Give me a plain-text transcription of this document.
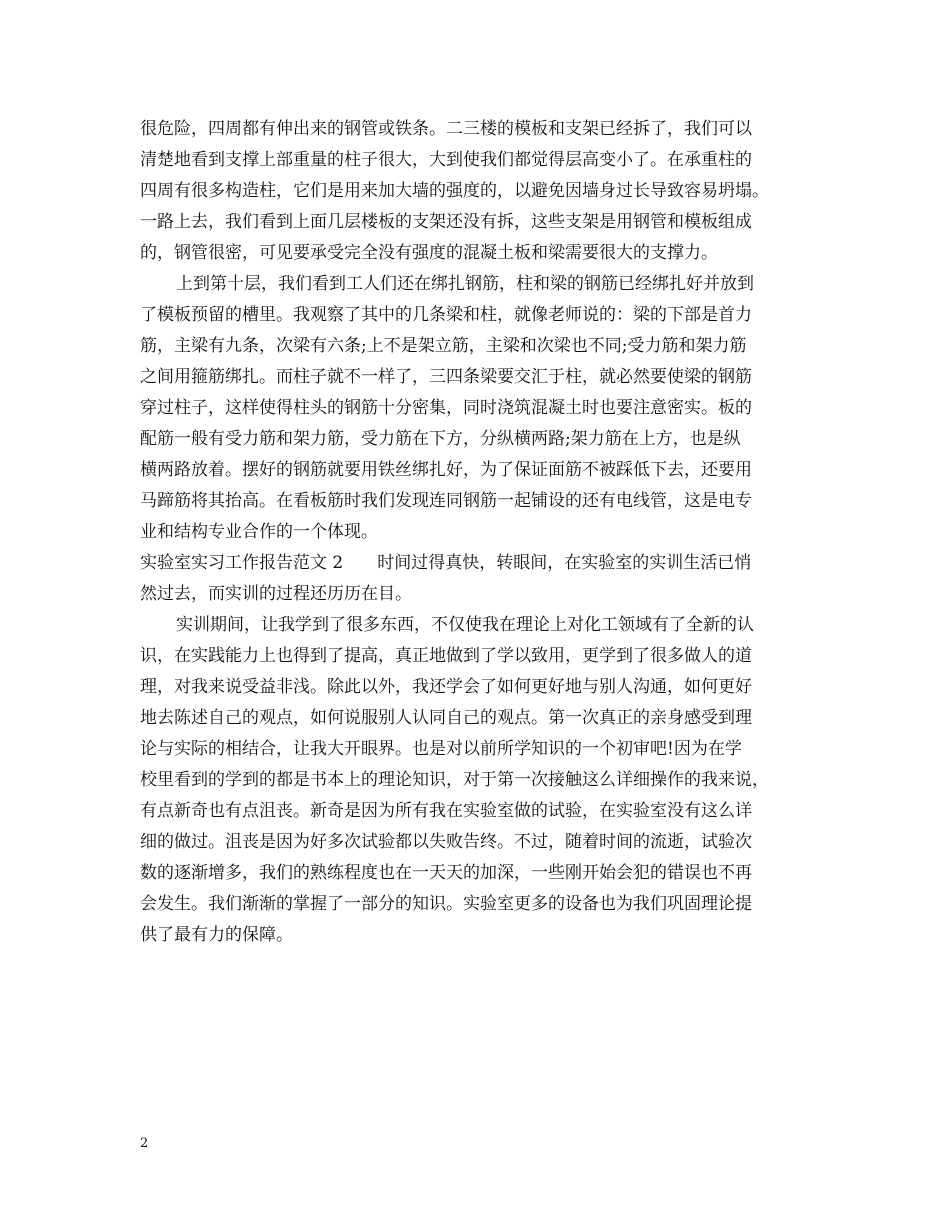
很危险，四周都有伸出来的钢管或铁条。二三楼的模板和支架已经拆了，我们可以
清楚地看到支撑上部重量的柱子很大，大到使我们都觉得层高变小了。在承重柱的
四周有很多构造柱，它们是用来加大墙的强度的，以避免因墙身过长导致容易坍塌。
一路上去，我们看到上面几层楼板的支架还没有拆，这些支架是用钢管和模板组成
的，钢管很密，可见要承受完全没有强度的混凝土板和梁需要很大的支撑力。
上到第十层，我们看到工人们还在绑扎钢筋，柱和梁的钢筋已经绑扎好并放到
了模板预留的槽里。我观察了其中的几条梁和柱，就像老师说的：梁的下部是首力
筋，主梁有九条，次梁有六条;上不是架立筋，主梁和次梁也不同;受力筋和架力筋
之间用箍筋绑扎。而柱子就不一样了，三四条梁要交汇于柱，就必然要使梁的钢筋
穿过柱子，这样使得柱头的钢筋十分密集，同时浇筑混凝土时也要注意密实。板的
配筋一般有受力筋和架力筋，受力筋在下方，分纵横两路;架力筋在上方，也是纵
横两路放着。摆好的钢筋就要用铁丝绑扎好，为了保证面筋不被踩低下去，还要用
马蹄筋将其抬高。在看板筋时我们发现连同钢筋一起铺设的还有电线管，这是电专
业和结构专业合作的一个体现。
实验室实习工作报告范文 2　　时间过得真快，转眼间，在实验室的实训生活已悄
然过去，而实训的过程还历历在目。
实训期间，让我学到了很多东西，不仅使我在理论上对化工领域有了全新的认
识，在实践能力上也得到了提高，真正地做到了学以致用，更学到了很多做人的道
理，对我来说受益非浅。除此以外，我还学会了如何更好地与别人沟通，如何更好
地去陈述自己的观点，如何说服别人认同自己的观点。第一次真正的亲身感受到理
论与实际的相结合，让我大开眼界。也是对以前所学知识的一个初审吧!因为在学
校里看到的学到的都是书本上的理论知识，对于第一次接触这么详细操作的我来说，
有点新奇也有点沮丧。新奇是因为所有我在实验室做的试验，在实验室没有这么详
细的做过。沮丧是因为好多次试验都以失败告终。不过，随着时间的流逝，试验次
数的逐渐增多，我们的熟练程度也在一天天的加深，一些刚开始会犯的错误也不再
会发生。我们渐渐的掌握了一部分的知识。实验室更多的设备也为我们巩固理论提
供了最有力的保障。
2
